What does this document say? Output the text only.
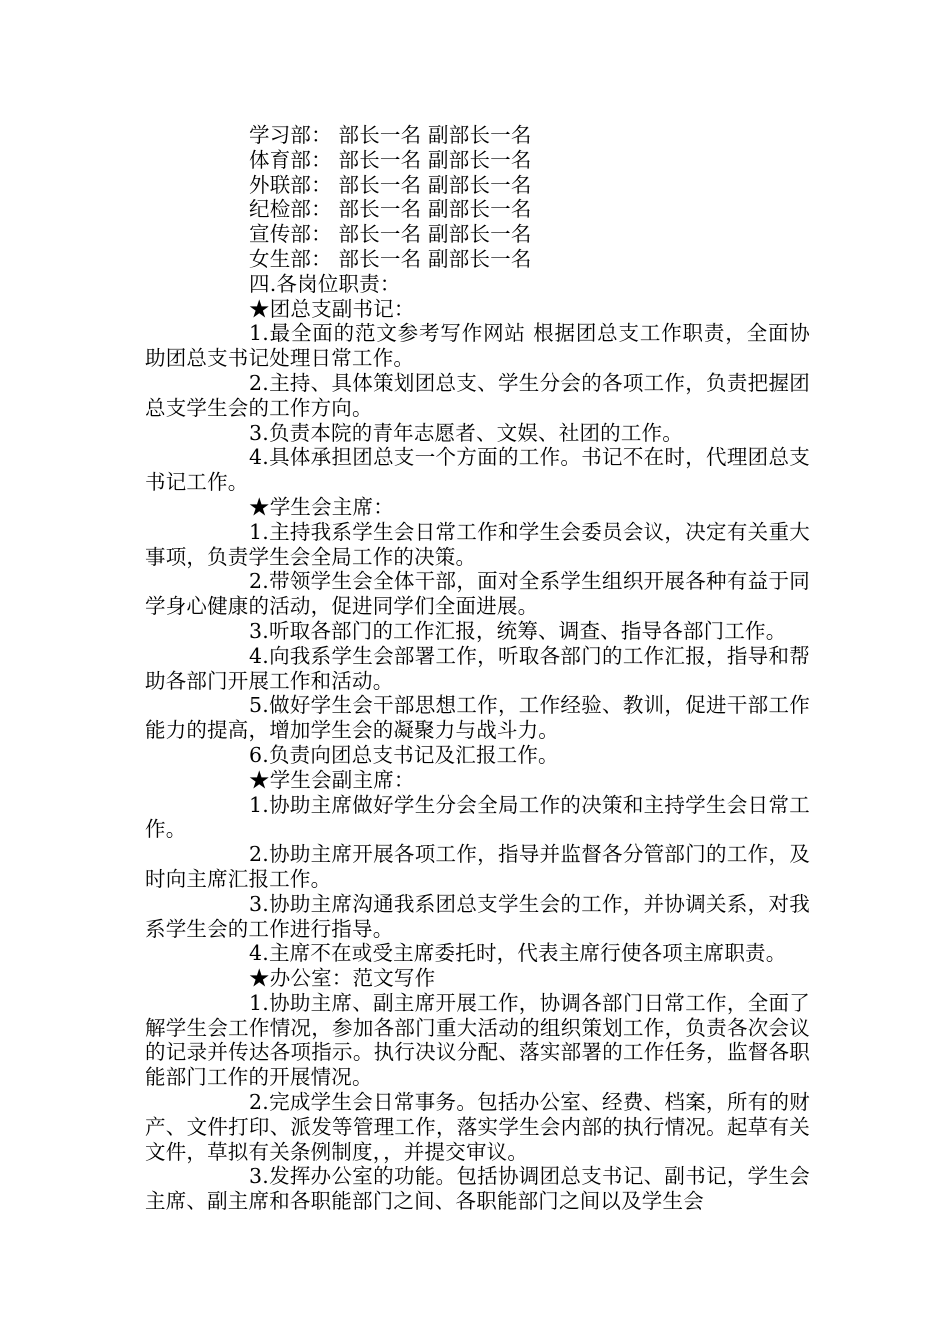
学习部： 部长一名 副部长一名
体育部： 部长一名 副部长一名
外联部： 部长一名 副部长一名
纪检部： 部长一名 副部长一名
宣传部： 部长一名 副部长一名
女生部： 部长一名 副部长一名
四.各岗位职责：
★团总支副书记：
1.最全面的范文参考写作网站 根据团总支工作职责，全面协助团总支书记处理日常工作。
2.主持、具体策划团总支、学生分会的各项工作，负责把握团总支学生会的工作方向。
3.负责本院的青年志愿者、文娱、社团的工作。
4.具体承担团总支一个方面的工作。书记不在时，代理团总支书记工作。
★学生会主席：
1.主持我系学生会日常工作和学生会委员会议，决定有关重大事项，负责学生会全局工作的决策。
2.带领学生会全体干部，面对全系学生组织开展各种有益于同学身心健康的活动，促进同学们全面进展。
3.听取各部门的工作汇报，统筹、调查、指导各部门工作。
4.向我系学生会部署工作，听取各部门的工作汇报，指导和帮助各部门开展工作和活动。
5.做好学生会干部思想工作，工作经验、教训，促进干部工作能力的提高，增加学生会的凝聚力与战斗力。
6.负责向团总支书记及汇报工作。
★学生会副主席：
1.协助主席做好学生分会全局工作的决策和主持学生会日常工作。
2.协助主席开展各项工作，指导并监督各分管部门的工作，及时向主席汇报工作。
3.协助主席沟通我系团总支学生会的工作，并协调关系，对我系学生会的工作进行指导。
4.主席不在或受主席委托时，代表主席行使各项主席职责。
★办公室：范文写作
1.协助主席、副主席开展工作，协调各部门日常工作，全面了解学生会工作情况，参加各部门重大活动的组织策划工作，负责各次会议的记录并传达各项指示。执行决议分配、落实部署的工作任务，监督各职能部门工作的开展情况。
2.完成学生会日常事务。包括办公室、经费、档案，所有的财产、文件打印、派发等管理工作，落实学生会内部的执行情况。起草有关文件，草拟有关条例制度，，并提交审议。
3.发挥办公室的功能。包括协调团总支书记、副书记，学生会主席、副主席和各职能部门之间、各职能部门之间以及学生会
